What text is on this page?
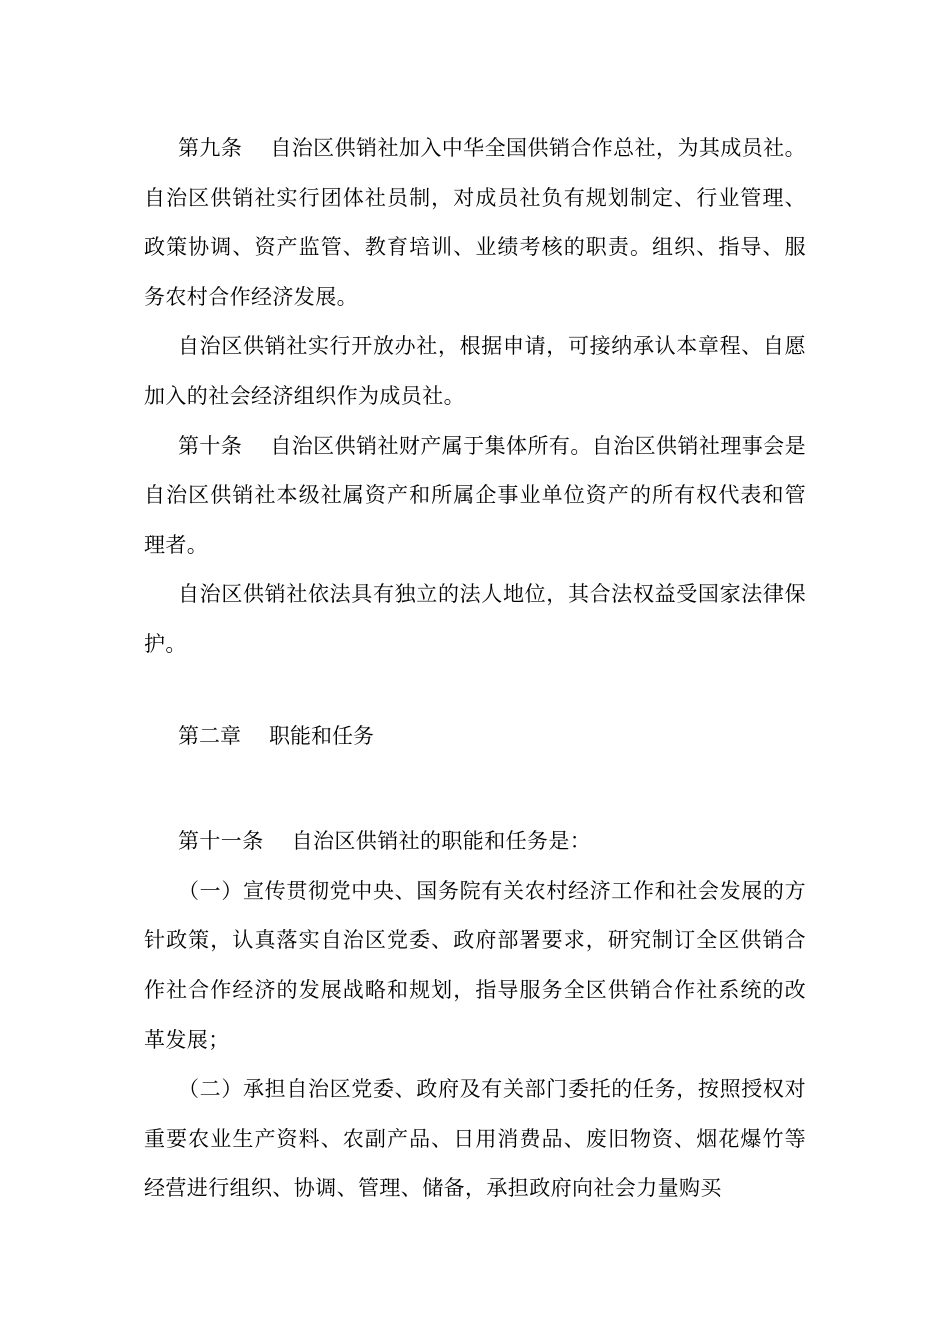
第九条 自治区供销社加入中华全国供销合作总社，为其成员社。自治区供销社实行团体社员制，对成员社负有规划制定、行业管理、政策协调、资产监管、教育培训、业绩考核的职责。组织、指导、服务农村合作经济发展。

自治区供销社实行开放办社，根据申请，可接纳承认本章程、自愿加入的社会经济组织作为成员社。

第十条 自治区供销社财产属于集体所有。自治区供销社理事会是自治区供销社本级社属资产和所属企事业单位资产的所有权代表和管理者。

自治区供销社依法具有独立的法人地位，其合法权益受国家法律保护。

第二章 职能和任务

第十一条 自治区供销社的职能和任务是：

（一）宣传贯彻党中央、国务院有关农村经济工作和社会发展的方针政策，认真落实自治区党委、政府部署要求，研究制订全区供销合作社合作经济的发展战略和规划，指导服务全区供销合作社系统的改革发展；

（二）承担自治区党委、政府及有关部门委托的任务，按照授权对重要农业生产资料、农副产品、日用消费品、废旧物资、烟花爆竹等经营进行组织、协调、管理、储备，承担政府向社会力量购买
